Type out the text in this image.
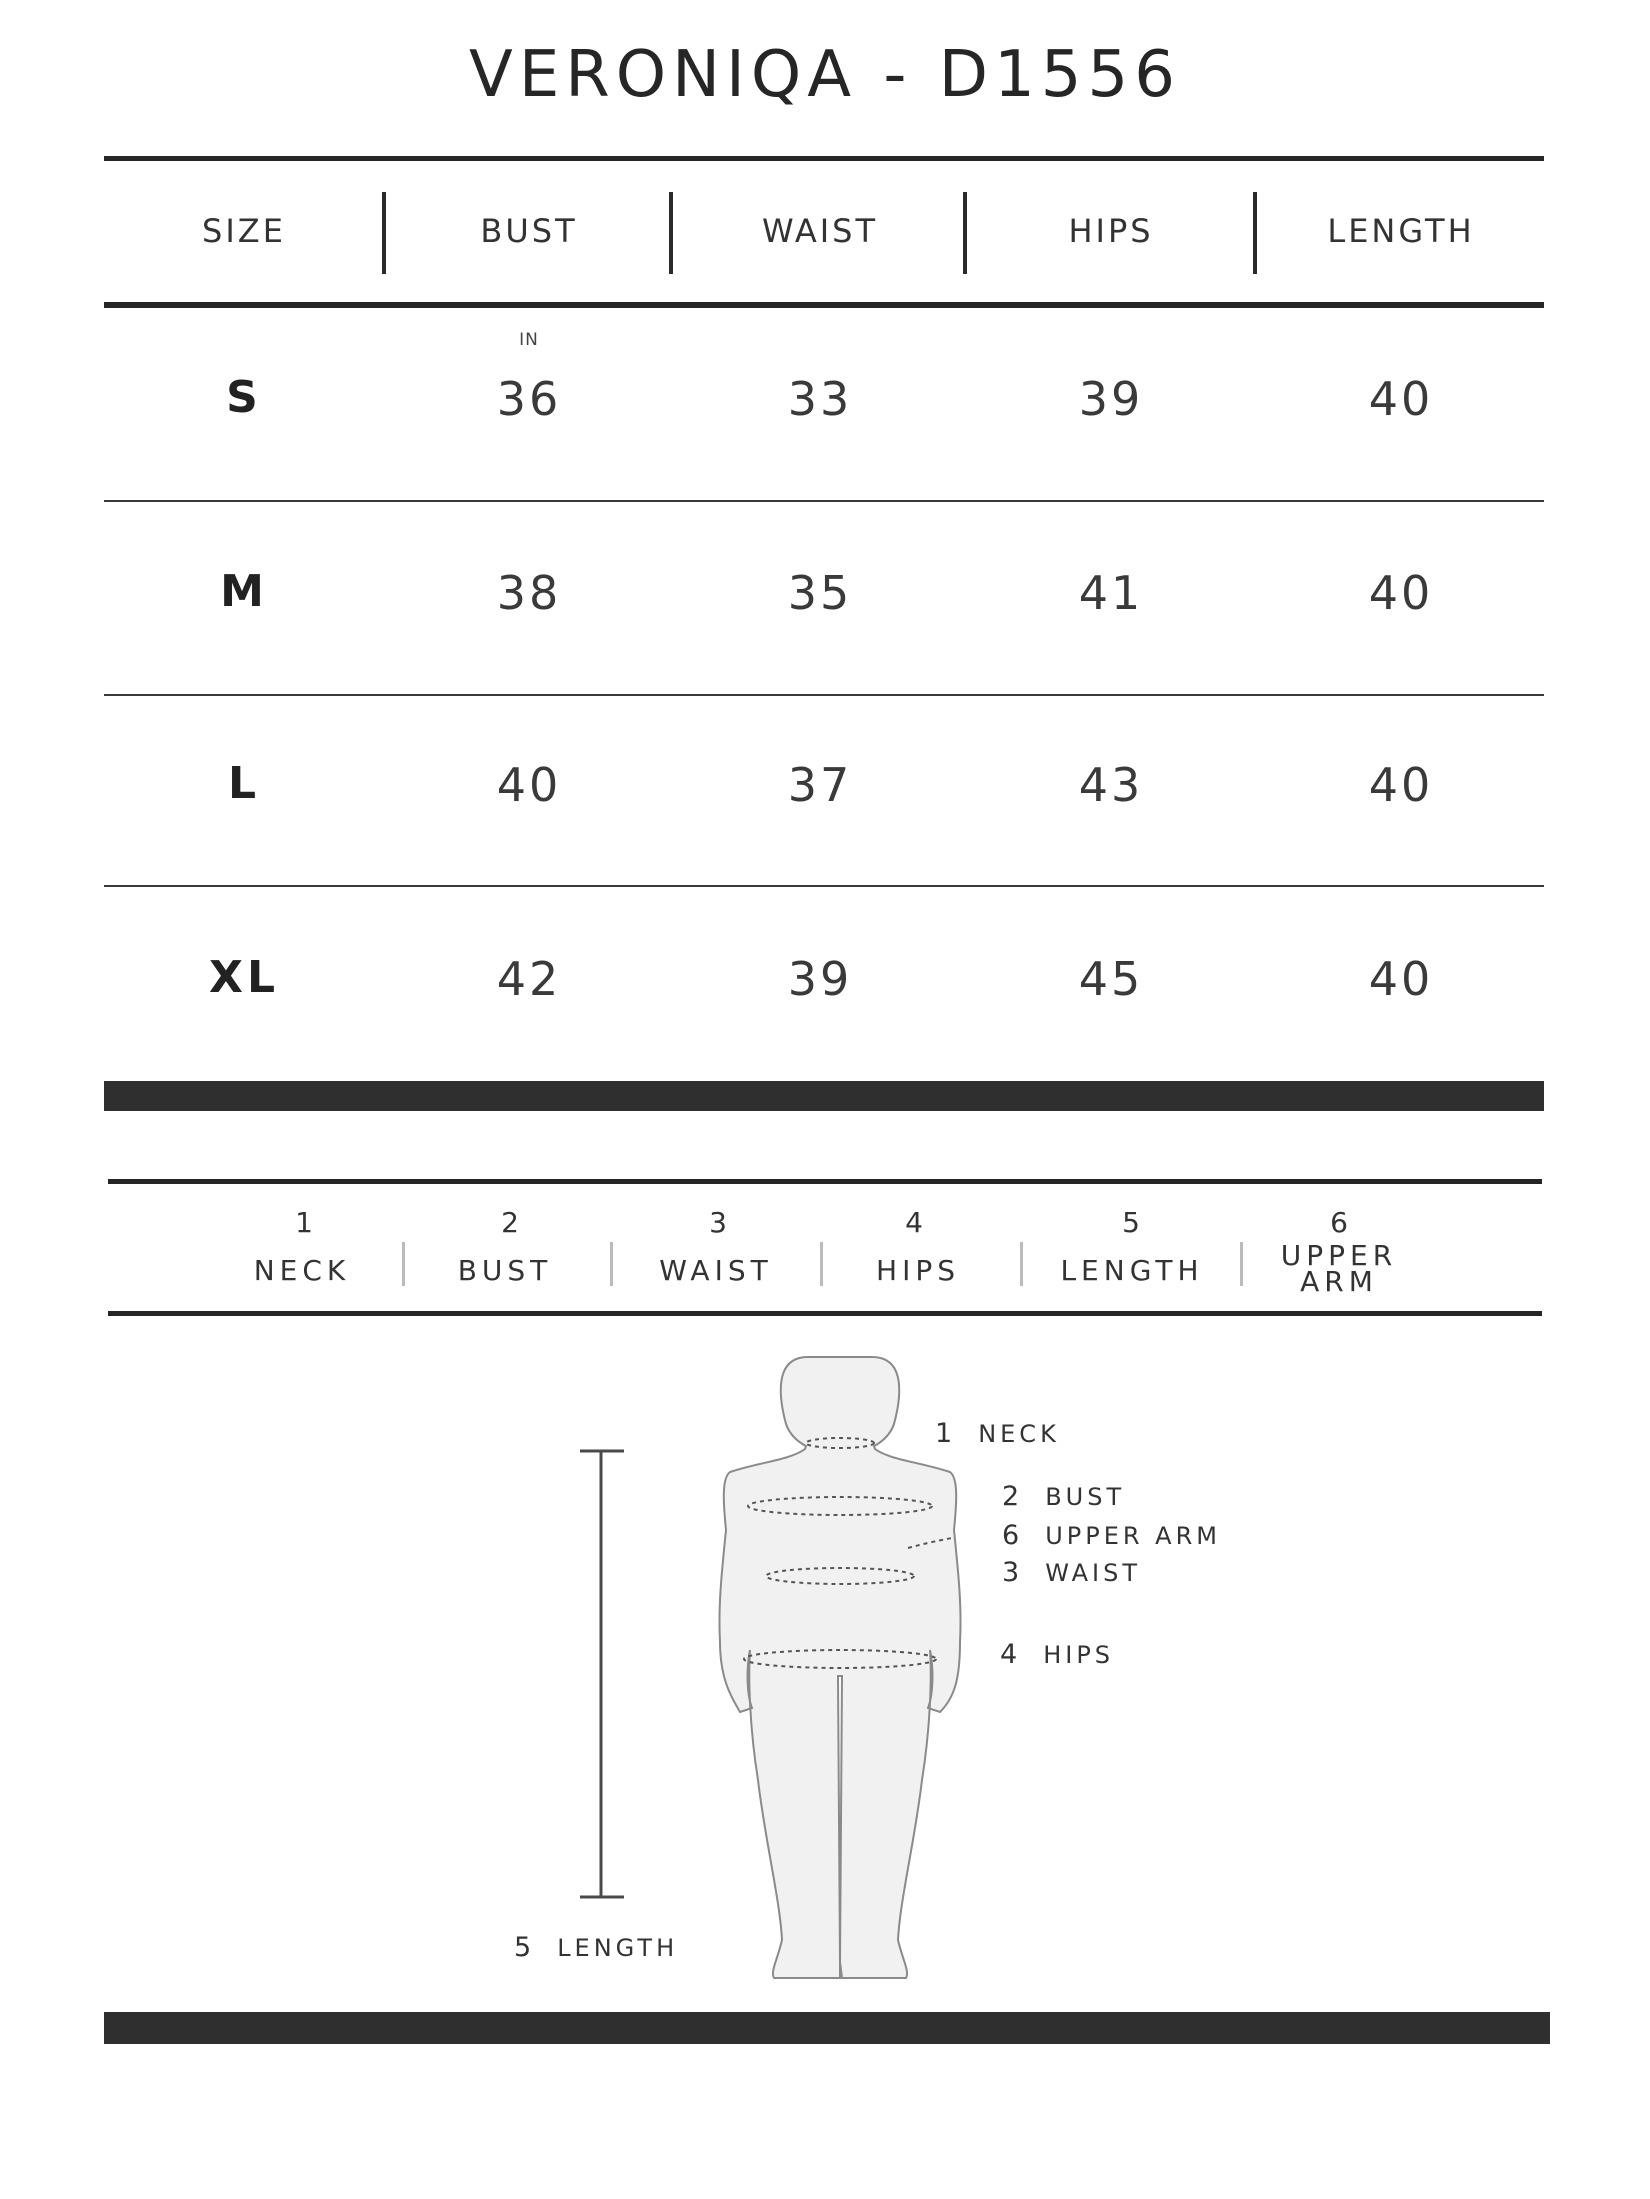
VERONIQA - D1556
SIZE	BUST	WAIST	HIPS	LENGTH
IN
S	36	33	39	40
M	38	35	41	40
L	40	37	43	40
XL	42	39	45	40
1
NECK
2
BUST
3
WAIST
4
HIPS
5
LENGTH
6
UPPER ARM
1 NECK
2 BUST
6 UPPER ARM
3 WAIST
4 HIPS
5 LENGTH
